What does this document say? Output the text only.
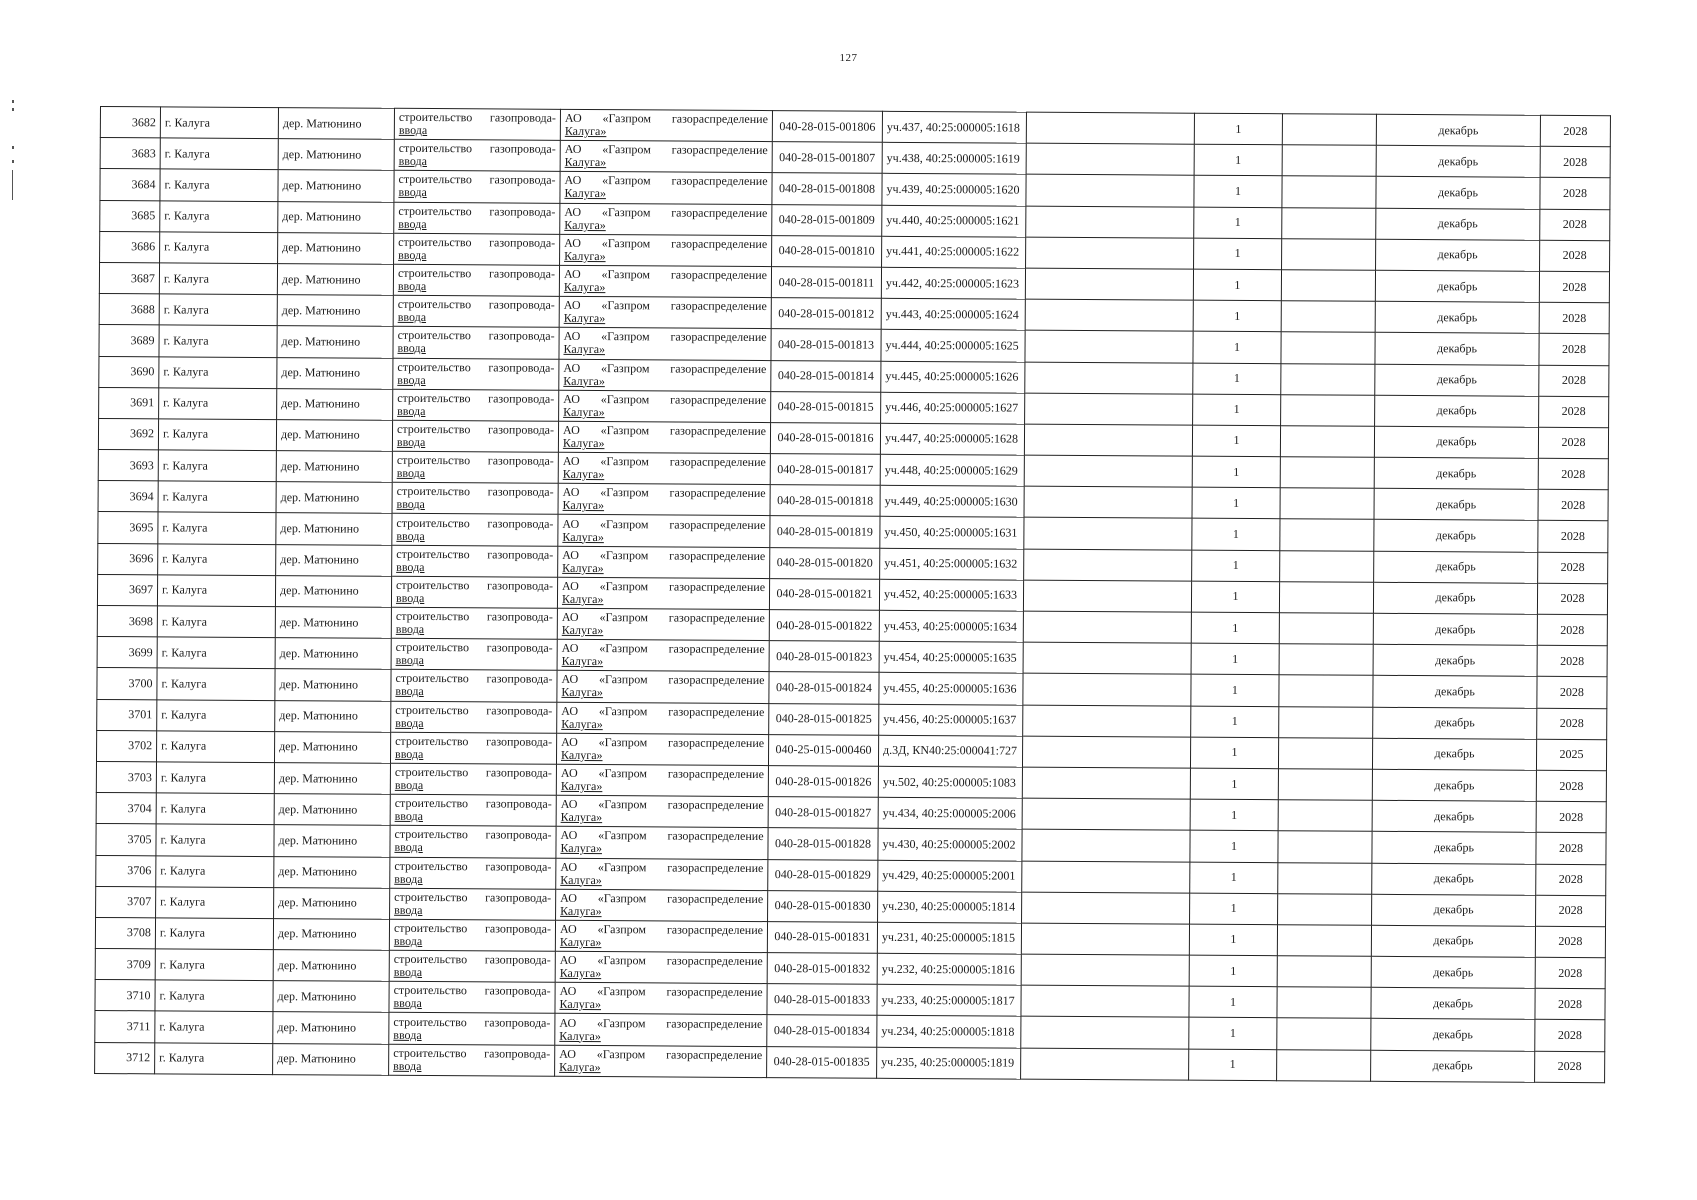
127
3682	г. Калуга	дер. Матюнино	строительство газопровода-
ввода	АО «Газпром газораспределение
Калуга»	040-28-015-001806	уч.437, 40:25:000005:1618		1		декабрь	2028
3683	г. Калуга	дер. Матюнино	строительство газопровода-
ввода	АО «Газпром газораспределение
Калуга»	040-28-015-001807	уч.438, 40:25:000005:1619		1		декабрь	2028
3684	г. Калуга	дер. Матюнино	строительство газопровода-
ввода	АО «Газпром газораспределение
Калуга»	040-28-015-001808	уч.439, 40:25:000005:1620		1		декабрь	2028
3685	г. Калуга	дер. Матюнино	строительство газопровода-
ввода	АО «Газпром газораспределение
Калуга»	040-28-015-001809	уч.440, 40:25:000005:1621		1		декабрь	2028
3686	г. Калуга	дер. Матюнино	строительство газопровода-
ввода	АО «Газпром газораспределение
Калуга»	040-28-015-001810	уч.441, 40:25:000005:1622		1		декабрь	2028
3687	г. Калуга	дер. Матюнино	строительство газопровода-
ввода	АО «Газпром газораспределение
Калуга»	040-28-015-001811	уч.442, 40:25:000005:1623		1		декабрь	2028
3688	г. Калуга	дер. Матюнино	строительство газопровода-
ввода	АО «Газпром газораспределение
Калуга»	040-28-015-001812	уч.443, 40:25:000005:1624		1		декабрь	2028
3689	г. Калуга	дер. Матюнино	строительство газопровода-
ввода	АО «Газпром газораспределение
Калуга»	040-28-015-001813	уч.444, 40:25:000005:1625		1		декабрь	2028
3690	г. Калуга	дер. Матюнино	строительство газопровода-
ввода	АО «Газпром газораспределение
Калуга»	040-28-015-001814	уч.445, 40:25:000005:1626		1		декабрь	2028
3691	г. Калуга	дер. Матюнино	строительство газопровода-
ввода	АО «Газпром газораспределение
Калуга»	040-28-015-001815	уч.446, 40:25:000005:1627		1		декабрь	2028
3692	г. Калуга	дер. Матюнино	строительство газопровода-
ввода	АО «Газпром газораспределение
Калуга»	040-28-015-001816	уч.447, 40:25:000005:1628		1		декабрь	2028
3693	г. Калуга	дер. Матюнино	строительство газопровода-
ввода	АО «Газпром газораспределение
Калуга»	040-28-015-001817	уч.448, 40:25:000005:1629		1		декабрь	2028
3694	г. Калуга	дер. Матюнино	строительство газопровода-
ввода	АО «Газпром газораспределение
Калуга»	040-28-015-001818	уч.449, 40:25:000005:1630		1		декабрь	2028
3695	г. Калуга	дер. Матюнино	строительство газопровода-
ввода	АО «Газпром газораспределение
Калуга»	040-28-015-001819	уч.450, 40:25:000005:1631		1		декабрь	2028
3696	г. Калуга	дер. Матюнино	строительство газопровода-
ввода	АО «Газпром газораспределение
Калуга»	040-28-015-001820	уч.451, 40:25:000005:1632		1		декабрь	2028
3697	г. Калуга	дер. Матюнино	строительство газопровода-
ввода	АО «Газпром газораспределение
Калуга»	040-28-015-001821	уч.452, 40:25:000005:1633		1		декабрь	2028
3698	г. Калуга	дер. Матюнино	строительство газопровода-
ввода	АО «Газпром газораспределение
Калуга»	040-28-015-001822	уч.453, 40:25:000005:1634		1		декабрь	2028
3699	г. Калуга	дер. Матюнино	строительство газопровода-
ввода	АО «Газпром газораспределение
Калуга»	040-28-015-001823	уч.454, 40:25:000005:1635		1		декабрь	2028
3700	г. Калуга	дер. Матюнино	строительство газопровода-
ввода	АО «Газпром газораспределение
Калуга»	040-28-015-001824	уч.455, 40:25:000005:1636		1		декабрь	2028
3701	г. Калуга	дер. Матюнино	строительство газопровода-
ввода	АО «Газпром газораспределение
Калуга»	040-28-015-001825	уч.456, 40:25:000005:1637		1		декабрь	2028
3702	г. Калуга	дер. Матюнино	строительство газопровода-
ввода	АО «Газпром газораспределение
Калуга»	040-25-015-000460	д.3Д, КN40:25:000041:727		1		декабрь	2025
3703	г. Калуга	дер. Матюнино	строительство газопровода-
ввода	АО «Газпром газораспределение
Калуга»	040-28-015-001826	уч.502, 40:25:000005:1083		1		декабрь	2028
3704	г. Калуга	дер. Матюнино	строительство газопровода-
ввода	АО «Газпром газораспределение
Калуга»	040-28-015-001827	уч.434, 40:25:000005:2006		1		декабрь	2028
3705	г. Калуга	дер. Матюнино	строительство газопровода-
ввода	АО «Газпром газораспределение
Калуга»	040-28-015-001828	уч.430, 40:25:000005:2002		1		декабрь	2028
3706	г. Калуга	дер. Матюнино	строительство газопровода-
ввода	АО «Газпром газораспределение
Калуга»	040-28-015-001829	уч.429, 40:25:000005:2001		1		декабрь	2028
3707	г. Калуга	дер. Матюнино	строительство газопровода-
ввода	АО «Газпром газораспределение
Калуга»	040-28-015-001830	уч.230, 40:25:000005:1814		1		декабрь	2028
3708	г. Калуга	дер. Матюнино	строительство газопровода-
ввода	АО «Газпром газораспределение
Калуга»	040-28-015-001831	уч.231, 40:25:000005:1815		1		декабрь	2028
3709	г. Калуга	дер. Матюнино	строительство газопровода-
ввода	АО «Газпром газораспределение
Калуга»	040-28-015-001832	уч.232, 40:25:000005:1816		1		декабрь	2028
3710	г. Калуга	дер. Матюнино	строительство газопровода-
ввода	АО «Газпром газораспределение
Калуга»	040-28-015-001833	уч.233, 40:25:000005:1817		1		декабрь	2028
3711	г. Калуга	дер. Матюнино	строительство газопровода-
ввода	АО «Газпром газораспределение
Калуга»	040-28-015-001834	уч.234, 40:25:000005:1818		1		декабрь	2028
3712	г. Калуга	дер. Матюнино	строительство газопровода-
ввода	АО «Газпром газораспределение
Калуга»	040-28-015-001835	уч.235, 40:25:000005:1819		1		декабрь	2028
